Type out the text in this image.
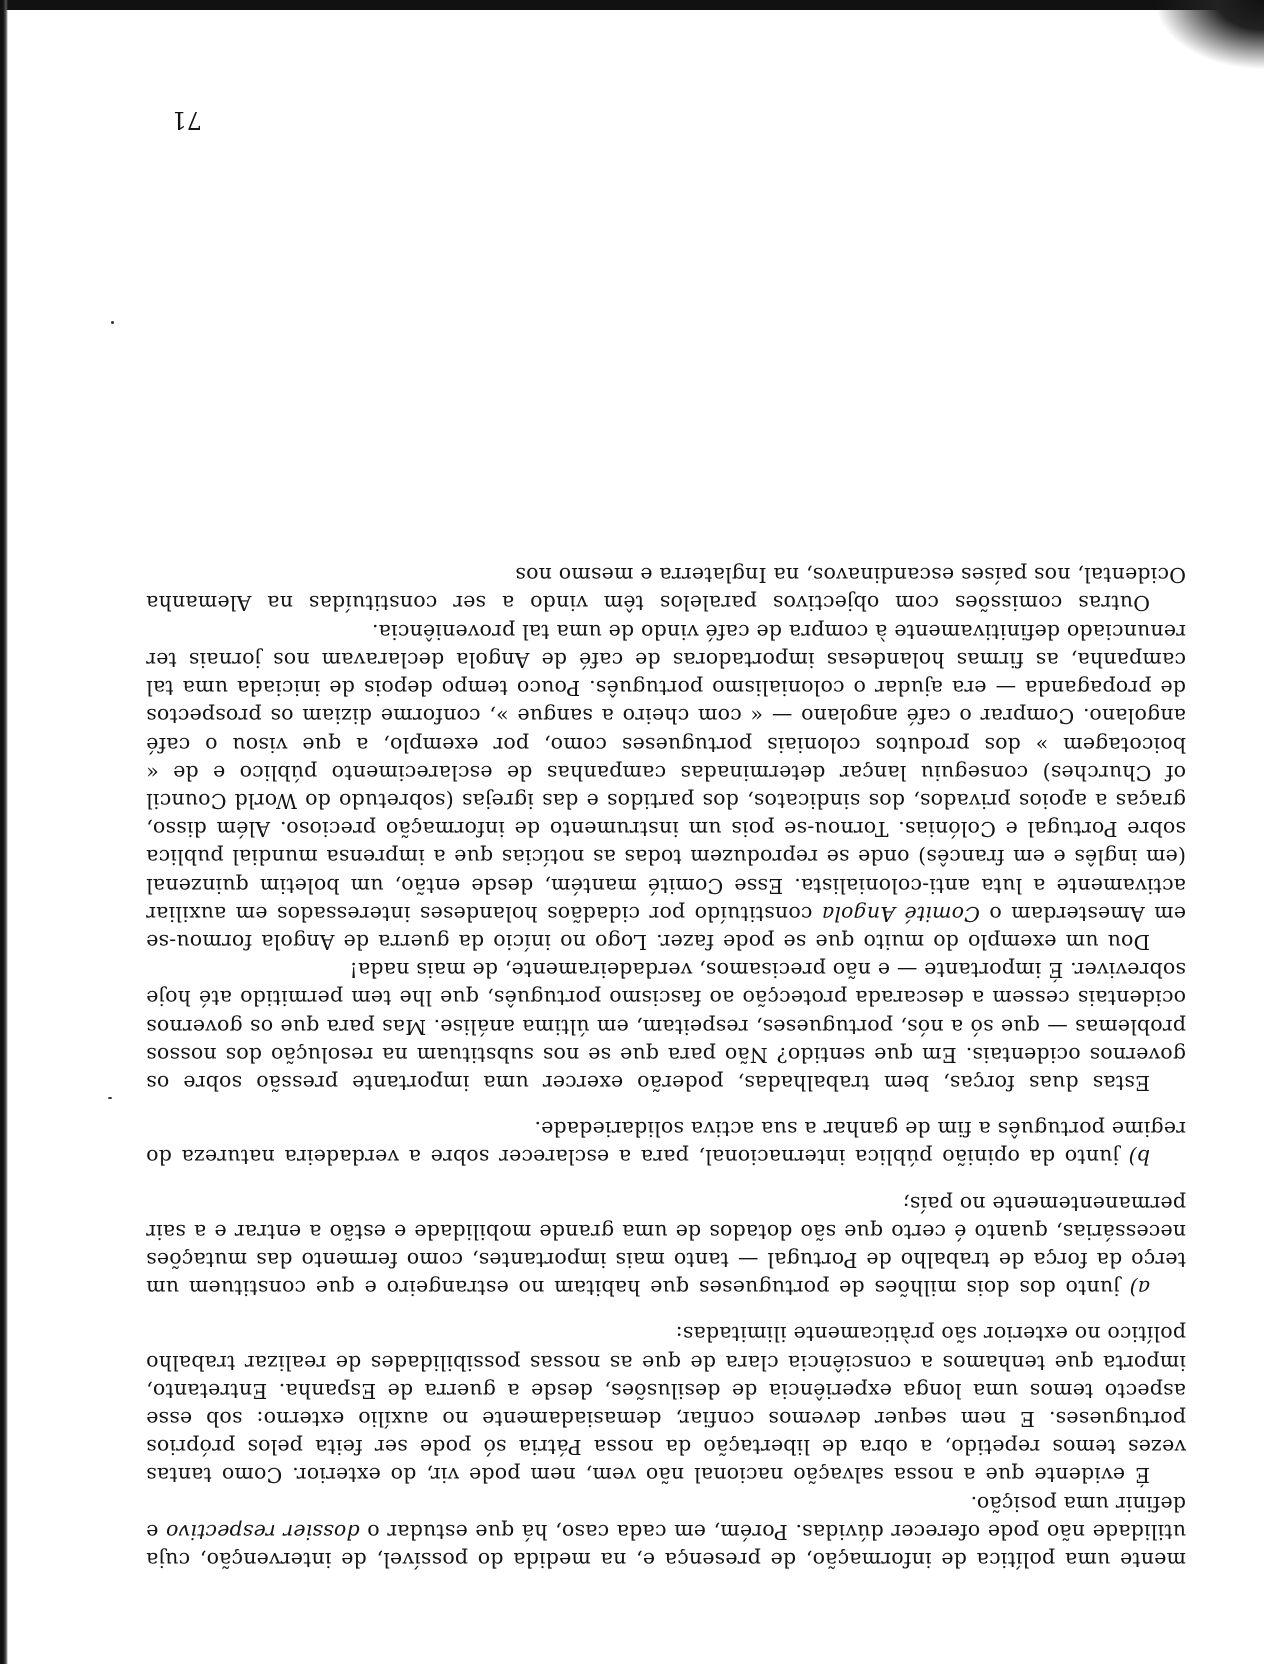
mente uma política de informação, de presença e, na medida do possível, de intervenção, cuja utilidade não pode oferecer dúvidas. Porém, em cada caso, há que estudar o dossier respectivo e definir uma posição.

É evidente que a nossa salvação nacional não vem, nem pode vir, do exterior. Como tantas vezes temos repetido, a obra de libertação da nossa Pátria só pode ser feita pelos próprios portugueses. E nem sequer devemos confiar, demasiadamente no auxílio externo: sob esse aspecto temos uma longa experiência de desilusões, desde a guerra de Espanha. Entretanto, importa que tenhamos a consciência clara de que as nossas possibilidades de realizar trabalho político no exterior são pràticamente ilimitadas:

a) junto dos dois milhões de portugueses que habitam no estrangeiro e que constituem um terço da força de trabalho de Portugal — tanto mais importantes, como fermento das mutações necessárias, quanto é certo que são dotados de uma grande mobilidade e estão a entrar e a sair permanentemente no país;

b) junto da opinião pública internacional, para a esclarecer sobre a verdadeira natureza do regime português a fim de ganhar a sua activa solidariedade.

Estas duas forças, bem trabalhadas, poderão exercer uma importante pressão sobre os governos ocidentais. Em que sentido? Não para que se nos substituam na resolução dos nossos problemas — que só a nós, portugueses, respeitam, em última análise. Mas para que os governos ocidentais cessem a descarada protecção ao fascismo português, que lhe tem permitido até hoje sobreviver. É importante — e não precisamos, verdadeiramente, de mais nada!

Dou um exemplo do muito que se pode fazer. Logo no início da guerra de Angola formou-se em Amesterdam o Comité Angola constituído por cidadãos holandeses interessados em auxiliar activamente a luta anti-colonialista. Esse Comité mantém, desde então, um boletim quinzenal (em inglês e em francês) onde se reproduzem todas as notícias que a imprensa mundial publica sobre Portugal e Colónias. Tornou-se pois um instrumento de informação precioso. Além disso, graças a apoios privados, dos sindicatos, dos partidos e das igrejas (sobretudo do World Council of Churches) conseguiu lançar determinadas campanhas de esclarecimento público e de « boicotagem » dos produtos coloniais portugueses como, por exemplo, a que visou o café angolano. Comprar o café angolano — « com cheiro a sangue », conforme diziam os prospectos de propaganda — era ajudar o colonialismo português. Pouco tempo depois de iniciada uma tal campanha, as firmas holandesas importadoras de café de Angola declaravam nos jornais ter renunciado definitivamente à compra de café vindo de uma tal proveniência.

Outras comissões com objectivos paralelos têm vindo a ser constituídas na Alemanha Ocidental, nos países escandinavos, na Inglaterra e mesmo nos

71
